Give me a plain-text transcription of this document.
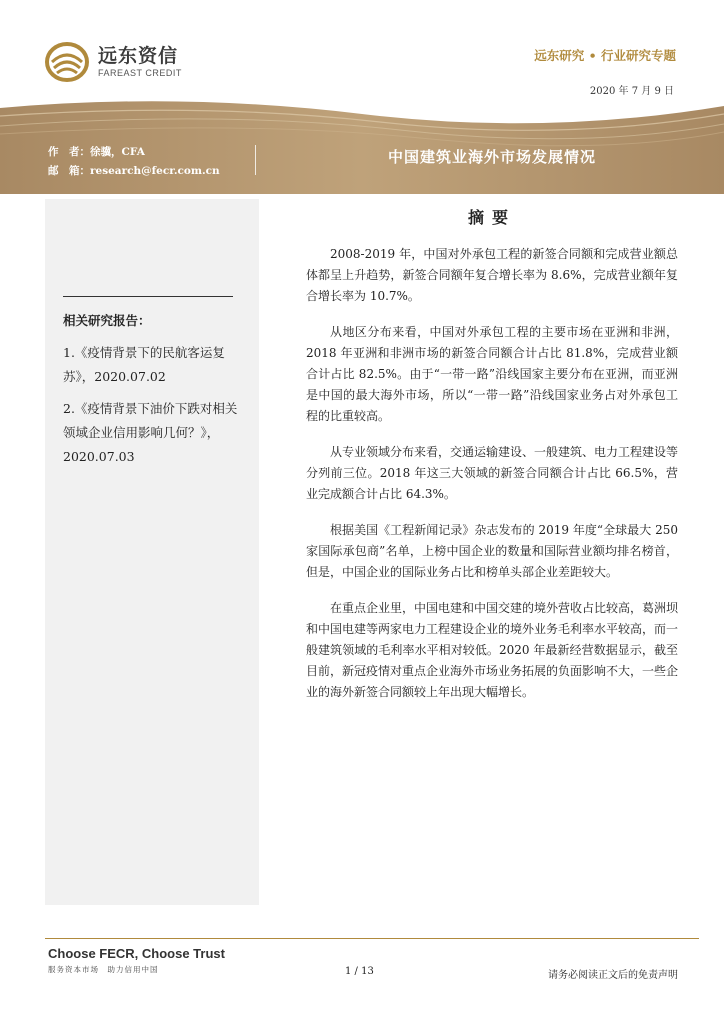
远东资信
FAREAST CREDIT
远东研究 • 行业研究专题
2020 年 7 月 9 日
作　者：徐骥，CFA
邮　箱：research@fecr.com.cn
中国建筑业海外市场发展情况
相关研究报告：
1.《疫情背景下的民航客运复苏》，2020.07.02
2.《疫情背景下油价下跌对相关领域企业信用影响几何？》，2020.07.03
摘要

2008-2019 年，中国对外承包工程的新签合同额和完成营业额总体都呈上升趋势，新签合同额年复合增长率为 8.6%，完成营业额年复合增长率为 10.7%。

从地区分布来看，中国对外承包工程的主要市场在亚洲和非洲，2018 年亚洲和非洲市场的新签合同额合计占比 81.8%，完成营业额合计占比 82.5%。由于“一带一路”沿线国家主要分布在亚洲，而亚洲是中国的最大海外市场，所以“一带一路”沿线国家业务占对外承包工程的比重较高。

从专业领域分布来看，交通运输建设、一般建筑、电力工程建设等分列前三位。2018 年这三大领域的新签合同额合计占比 66.5%，营业完成额合计占比 64.3%。

根据美国《工程新闻记录》杂志发布的 2019 年度“全球最大 250 家国际承包商”名单，上榜中国企业的数量和国际营业额均排名榜首，但是，中国企业的国际业务占比和榜单头部企业差距较大。

在重点企业里，中国电建和中国交建的境外营收占比较高，葛洲坝和中国电建等两家电力工程建设企业的境外业务毛利率水平较高，而一般建筑领域的毛利率水平相对较低。2020 年最新经营数据显示，截至目前，新冠疫情对重点企业海外市场业务拓展的负面影响不大，一些企业的海外新签合同额较上年出现大幅增长。

Choose FECR, Choose Trust
服务资本市场　助力信用中国	1 / 13	请务必阅读正文后的免责声明
